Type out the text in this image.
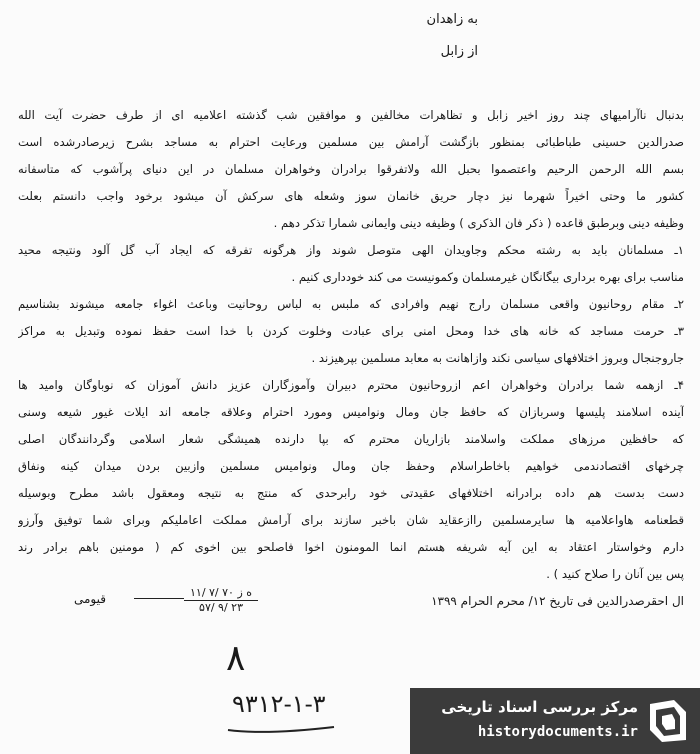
به زاهدان
از زابل
بدنبال ناآرامیهای چند روز اخیر زابل و تظاهرات مخالفین و موافقین شب گذشته اعلامیه ای از طرف حضرت آیت الله
صدرالدین حسینی طباطبائی بمنظور بازگشت آرامش بین مسلمین ورعایت احترام به مساجد بشرح زیرصادرشده است
بسم الله الرحمن الرحیم واعتصموا بحبل الله ولاتفرقوا برادران وخواهران مسلمان در این دنیای پرآشوب که متاسفانه
کشور ما وحتی اخیراً شهرما نیز دچار حریق خانمان سوز وشعله های سرکش آن میشود برخود واجب دانستم بعلت
وظیفه دینی وبرطبق قاعده ( ذکر فان الذکری ) وظیفه دینی وایمانی شمارا تذکر دهم .
۱ـ مسلمانان باید به رشته محکم وجاویدان الهی متوصل شوند واز هرگونه تفرقه که ایجاد آب گل آلود ونتیجه محید
مناسب برای بهره برداری بیگانگان غیرمسلمان وکمونیست می کند خودداری کنیم .
۲ـ مقام روحانیون واقعی مسلمان رارج نهیم وافرادی که ملبس به لباس روحانیت وباعث اغواء جامعه میشوند بشناسیم
۳ـ حرمت مساجد که خانه های خدا ومحل امنی برای عبادت وخلوت کردن با خدا است حفظ نموده وتبدیل به مراکز
جاروجنجال وبروز اختلافهای سیاسی نکند وازاهانت به معابد مسلمین بپرهیزند .
۴ـ ازهمه شما برادران وخواهران اعم ازروحانیون محترم دبیران وآموزگاران عزیز دانش آموزان که نوباوگان وامید ها
آینده اسلامند پلیسها وسربازان که حافظ جان ومال ونوامیس ومورد احترام وعلاقه جامعه اند ایلات غیور شیعه وسنی
که حافظین مرزهای مملکت واسلامند بازاریان محترم که بپا دارنده همیشگی شعار اسلامی وگردانندگان اصلی
چرخهای اقتصادندمی خواهیم باخاطراسلام وحفظ جان ومال ونوامیس مسلمین وازبین بردن میدان کینه ونفاق
دست بدست هم داده برادرانه اختلافهای عقیدتی خود رابرحدی که منتج به نتیجه ومعقول باشد مطرح وبوسیله
قطعنامه هاواعلامیه ها سایرمسلمین راازعقاید شان باخبر سازند برای آرامش مملکت اعاملیکم وبرای شما توفیق وآرزو
دارم وخواستار اعتقاد به این آیه شریفه هستم انما المومنون اخوا فاصلحو بین اخوی کم ( مومنین باهم برادر رند
پس بین آنان را صلاح کنید ) .
ال احقرصدرالدین فی تاریخ ۱۲/ محرم الحرام ۱۳۹۹
قیومی	۱۱/ ۷/ ۷۰ ه ز
۵۷/ ۹/ ۲۳
۸
۹۳۱۲-۱-۳	مرکز بررسی اسناد تاریخی
historydocuments.ir
